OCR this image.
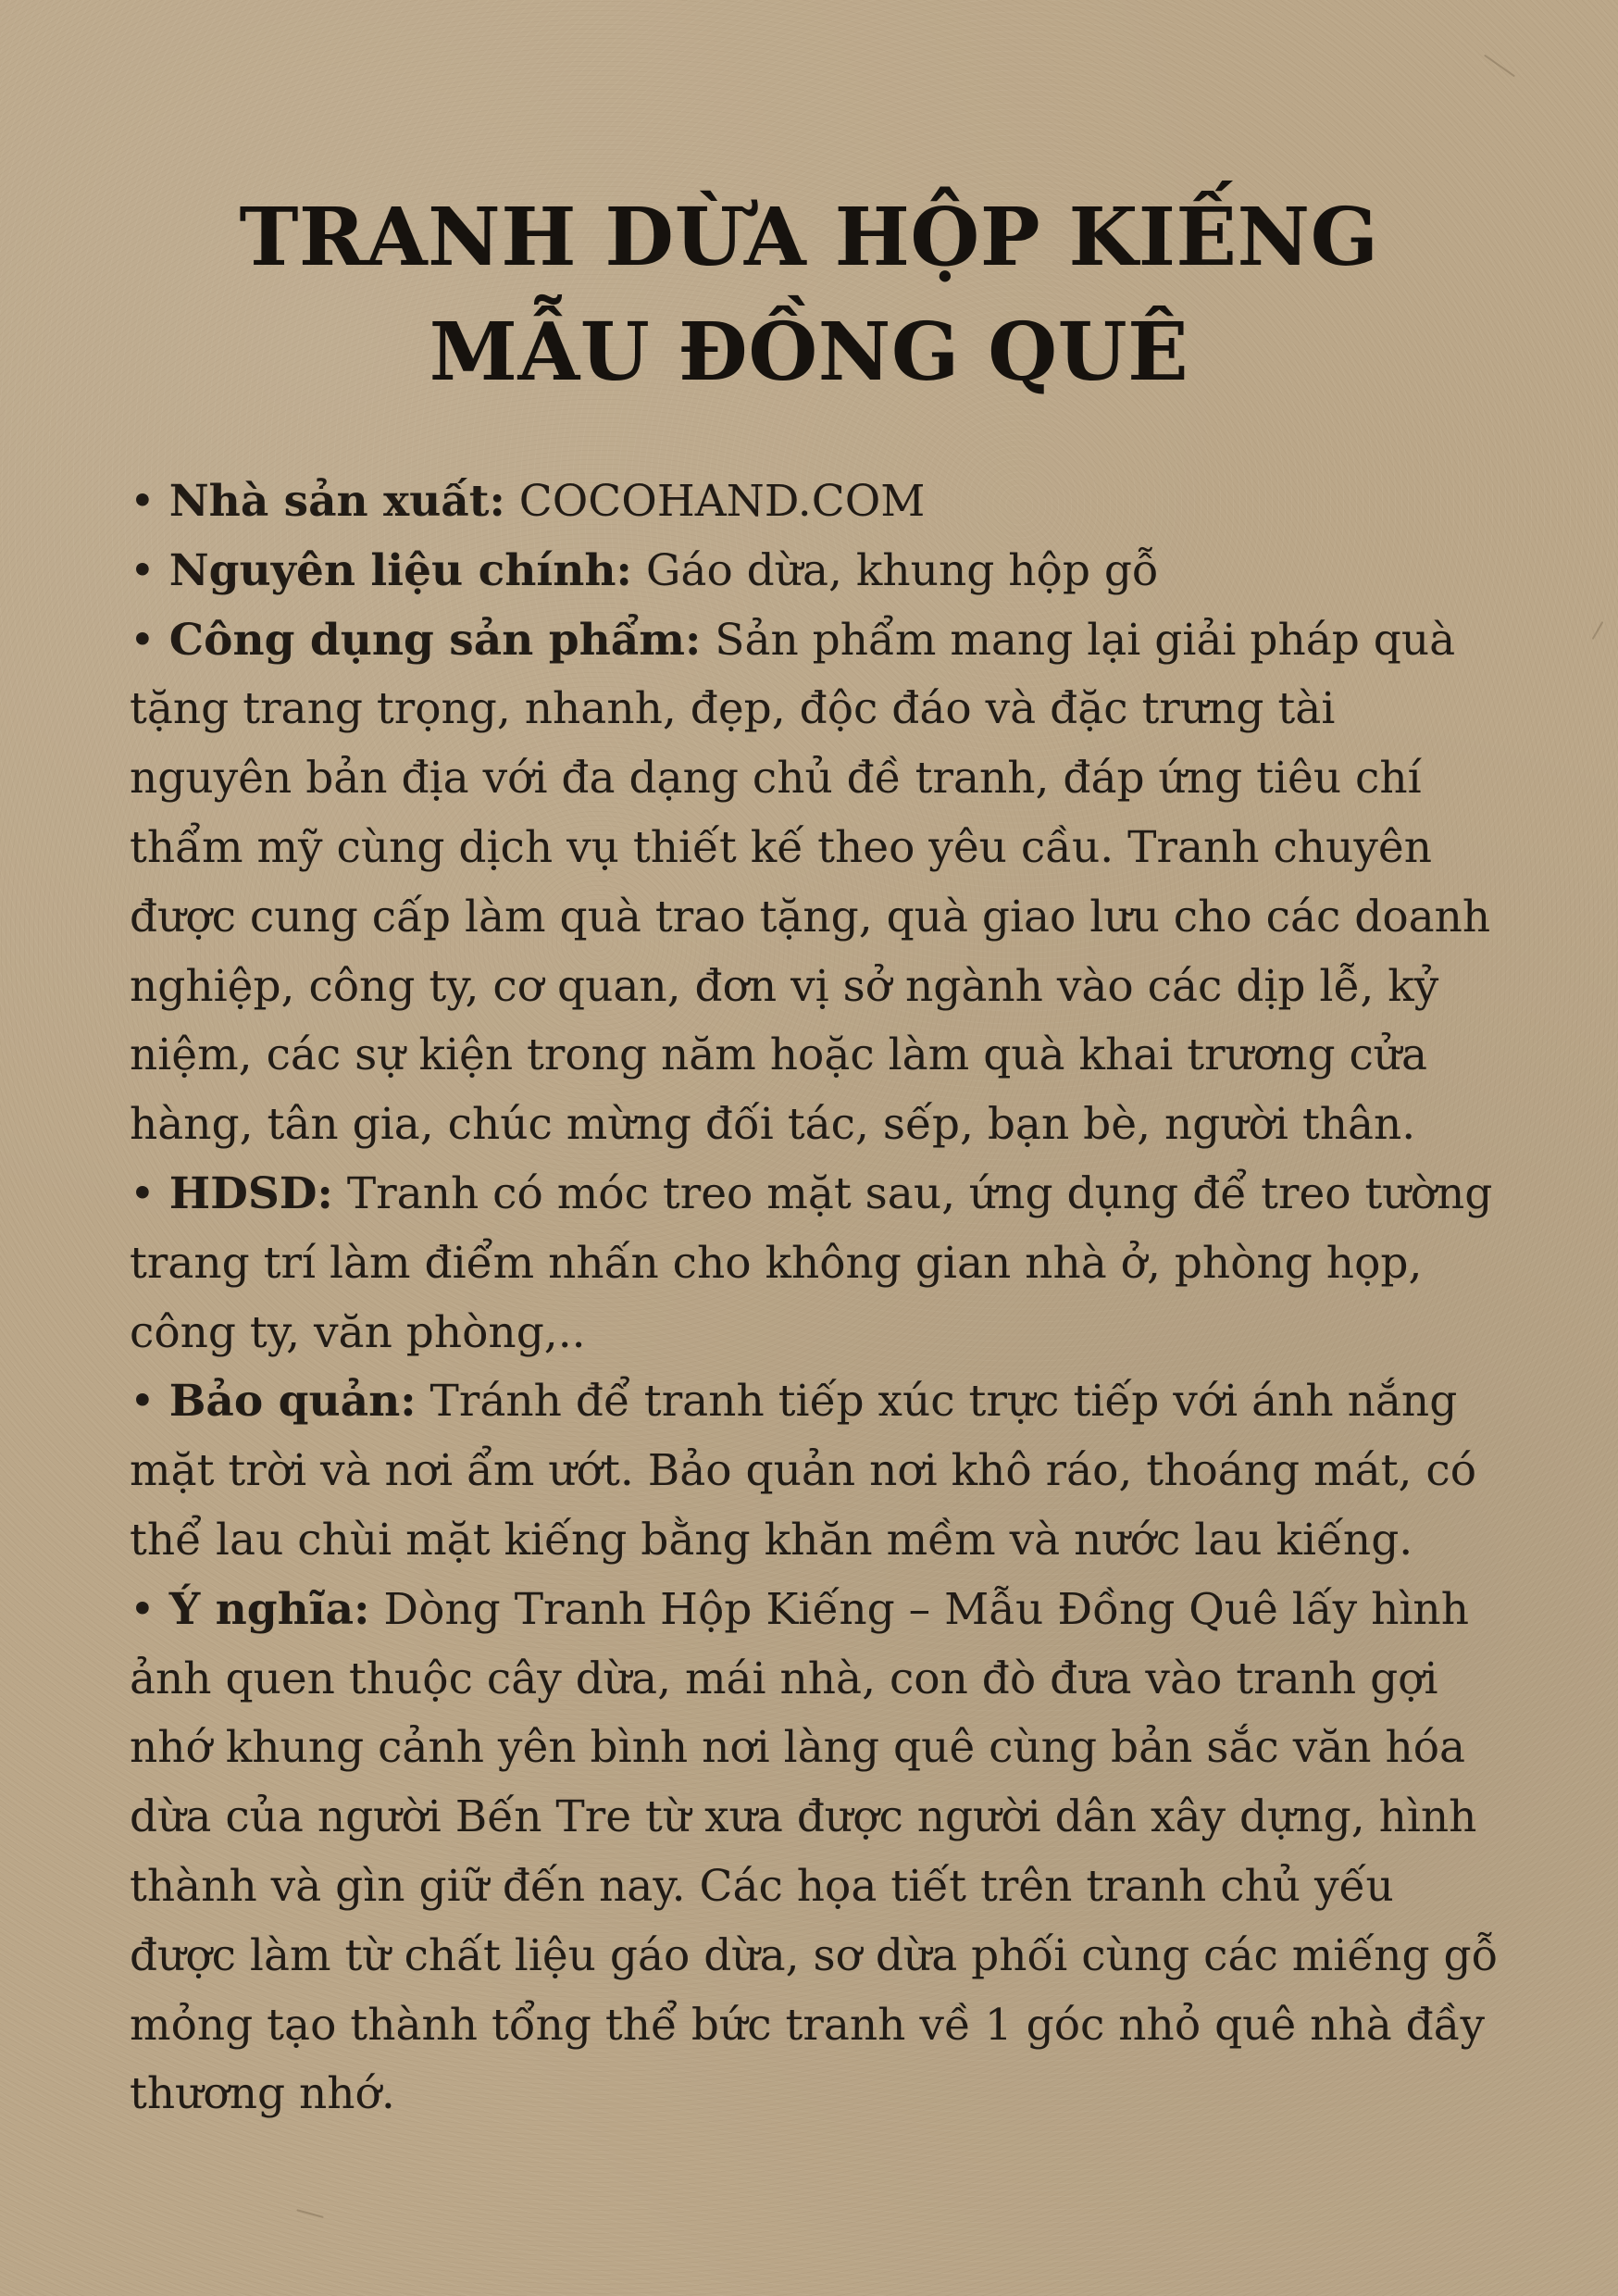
TRANH DỪA HỘP KIẾNG
MẪU ĐỒNG QUÊ

• Nhà sản xuất: COCOHAND.COM

• Nguyên liệu chính: Gáo dừa, khung hộp gỗ

• Công dụng sản phẩm: Sản phẩm mang lại giải pháp quà tặng trang trọng, nhanh, đẹp, độc đáo và đặc trưng tài nguyên bản địa với đa dạng chủ đề tranh, đáp ứng tiêu chí thẩm mỹ cùng dịch vụ thiết kế theo yêu cầu. Tranh chuyên được cung cấp làm quà trao tặng, quà giao lưu cho các doanh nghiệp, công ty, cơ quan, đơn vị sở ngành vào các dịp lễ, kỷ niệm, các sự kiện trong năm hoặc làm quà khai trương cửa hàng, tân gia, chúc mừng đối tác, sếp, bạn bè, người thân.

• HDSD: Tranh có móc treo mặt sau, ứng dụng để treo tường trang trí làm điểm nhấn cho không gian nhà ở, phòng họp, công ty, văn phòng,..

• Bảo quản: Tránh để tranh tiếp xúc trực tiếp với ánh nắng mặt trời và nơi ẩm ướt. Bảo quản nơi khô ráo, thoáng mát, có thể lau chùi mặt kiếng bằng khăn mềm và nước lau kiếng.

• Ý nghĩa: Dòng Tranh Hộp Kiếng – Mẫu Đồng Quê lấy hình ảnh quen thuộc cây dừa, mái nhà, con đò đưa vào tranh gợi nhớ khung cảnh yên bình nơi làng quê cùng bản sắc văn hóa dừa của người Bến Tre từ xưa được người dân xây dựng, hình thành và gìn giữ đến nay. Các họa tiết trên tranh chủ yếu được làm từ chất liệu gáo dừa, sơ dừa phối cùng các miếng gỗ mỏng tạo thành tổng thể bức tranh về 1 góc nhỏ quê nhà đầy thương nhớ.
